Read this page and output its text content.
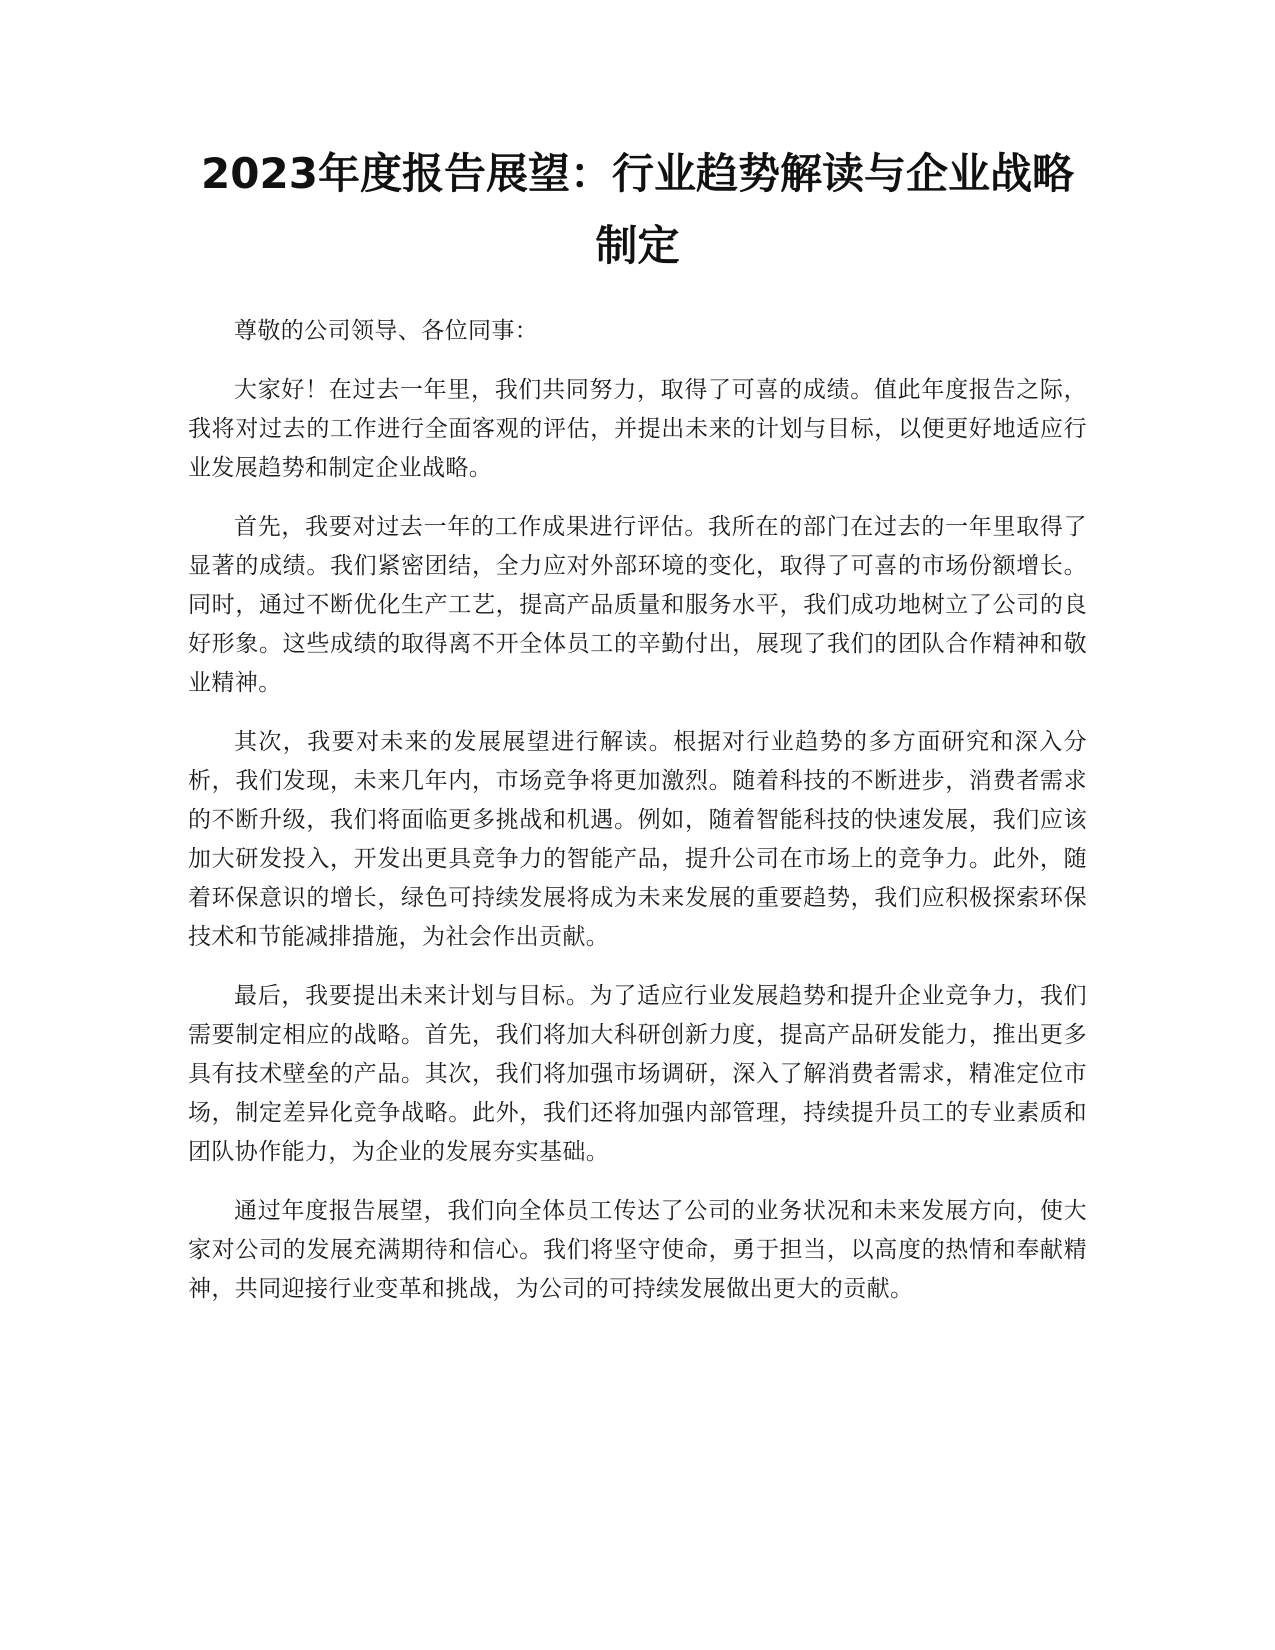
2023年度报告展望：行业趋势解读与企业战略制定

尊敬的公司领导、各位同事：

大家好！在过去一年里，我们共同努力，取得了可喜的成绩。值此年度报告之际，我将对过去的工作进行全面客观的评估，并提出未来的计划与目标，以便更好地适应行业发展趋势和制定企业战略。

首先，我要对过去一年的工作成果进行评估。我所在的部门在过去的一年里取得了显著的成绩。我们紧密团结，全力应对外部环境的变化，取得了可喜的市场份额增长。同时，通过不断优化生产工艺，提高产品质量和服务水平，我们成功地树立了公司的良好形象。这些成绩的取得离不开全体员工的辛勤付出，展现了我们的团队合作精神和敬业精神。

其次，我要对未来的发展展望进行解读。根据对行业趋势的多方面研究和深入分析，我们发现，未来几年内，市场竞争将更加激烈。随着科技的不断进步，消费者需求的不断升级，我们将面临更多挑战和机遇。例如，随着智能科技的快速发展，我们应该加大研发投入，开发出更具竞争力的智能产品，提升公司在市场上的竞争力。此外，随着环保意识的增长，绿色可持续发展将成为未来发展的重要趋势，我们应积极探索环保技术和节能减排措施，为社会作出贡献。

最后，我要提出未来计划与目标。为了适应行业发展趋势和提升企业竞争力，我们需要制定相应的战略。首先，我们将加大科研创新力度，提高产品研发能力，推出更多具有技术壁垒的产品。其次，我们将加强市场调研，深入了解消费者需求，精准定位市场，制定差异化竞争战略。此外，我们还将加强内部管理，持续提升员工的专业素质和团队协作能力，为企业的发展夯实基础。

通过年度报告展望，我们向全体员工传达了公司的业务状况和未来发展方向，使大家对公司的发展充满期待和信心。我们将坚守使命，勇于担当，以高度的热情和奉献精神，共同迎接行业变革和挑战，为公司的可持续发展做出更大的贡献。
